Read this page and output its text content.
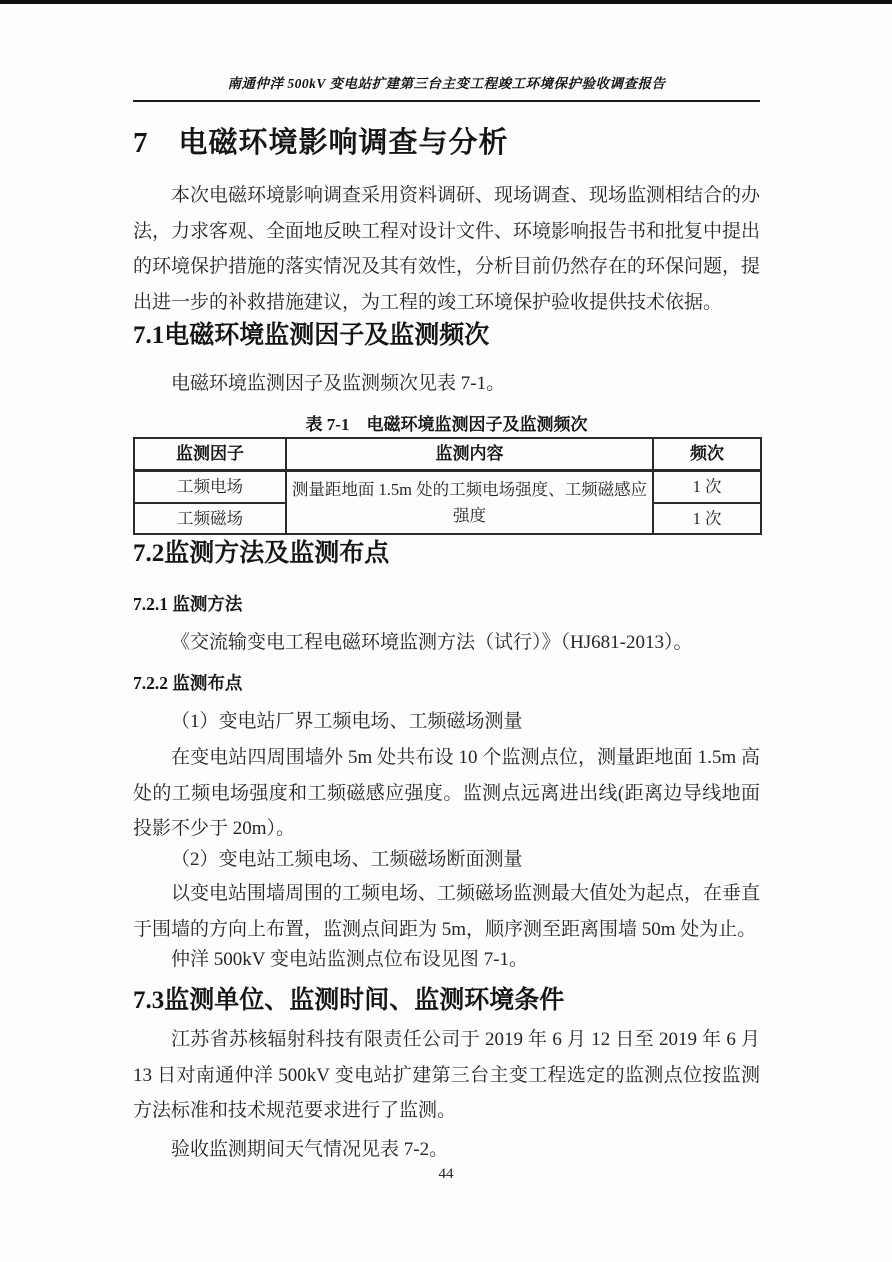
南通仲洋 500kV 变电站扩建第三台主变工程竣工环境保护验收调查报告
7　电磁环境影响调查与分析

本次电磁环境影响调查采用资料调研、现场调查、现场监测相结合的办法，力求客观、全面地反映工程对设计文件、环境影响报告书和批复中提出的环境保护措施的落实情况及其有效性，分析目前仍然存在的环保问题，提出进一步的补救措施建议，为工程的竣工环境保护验收提供技术依据。

7.1电磁环境监测因子及监测频次

电磁环境监测因子及监测频次见表 7-1。

表 7-1　电磁环境监测因子及监测频次
监测因子	监测内容	频次
工频电场	测量距地面 1.5m 处的工频电场强度、工频磁感应强度	1 次
工频磁场		1 次
7.2监测方法及监测布点
7.2.1 监测方法

《交流输变电工程电磁环境监测方法（试行）》（HJ681-2013）。

7.2.2 监测布点

（1）变电站厂界工频电场、工频磁场测量

在变电站四周围墙外 5m 处共布设 10 个监测点位，测量距地面 1.5m 高处的工频电场强度和工频磁感应强度。监测点远离进出线(距离边导线地面投影不少于 20m）。

（2）变电站工频电场、工频磁场断面测量

以变电站围墙周围的工频电场、工频磁场监测最大值处为起点，在垂直于围墙的方向上布置，监测点间距为 5m，顺序测至距离围墙 50m 处为止。

仲洋 500kV 变电站监测点位布设见图 7-1。

7.3监测单位、监测时间、监测环境条件

江苏省苏核辐射科技有限责任公司于 2019 年 6 月 12 日至 2019 年 6 月 13 日对南通仲洋 500kV 变电站扩建第三台主变工程选定的监测点位按监测方法标准和技术规范要求进行了监测。

验收监测期间天气情况见表 7-2。

44
